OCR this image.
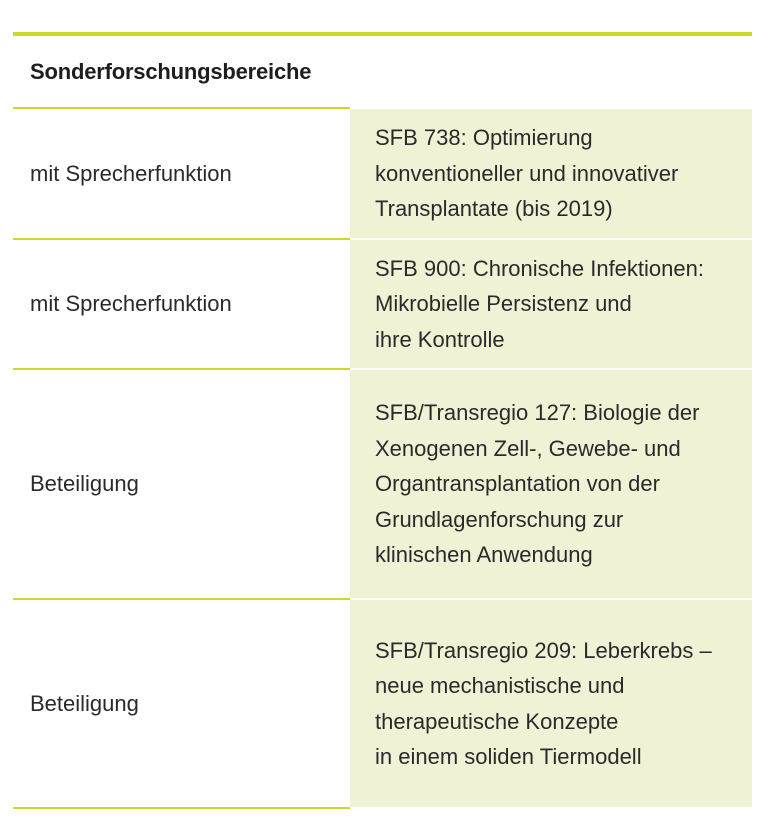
Sonderforschungsbereiche
mit Sprecherfunktion
SFB 738: Optimierung
konventioneller und innovativer
Transplantate (bis 2019)
mit Sprecherfunktion
SFB 900: Chronische Infektionen:
Mikrobielle Persistenz und
ihre Kontrolle
Beteiligung
SFB/Transregio 127: Biologie der
Xenogenen Zell-, Gewebe- und
Organtransplantation von der
Grundlagenforschung zur
klinischen Anwendung
Beteiligung
SFB/Transregio 209: Leberkrebs –
neue mechanistische und
therapeutische Konzepte
in einem soliden Tiermodell
